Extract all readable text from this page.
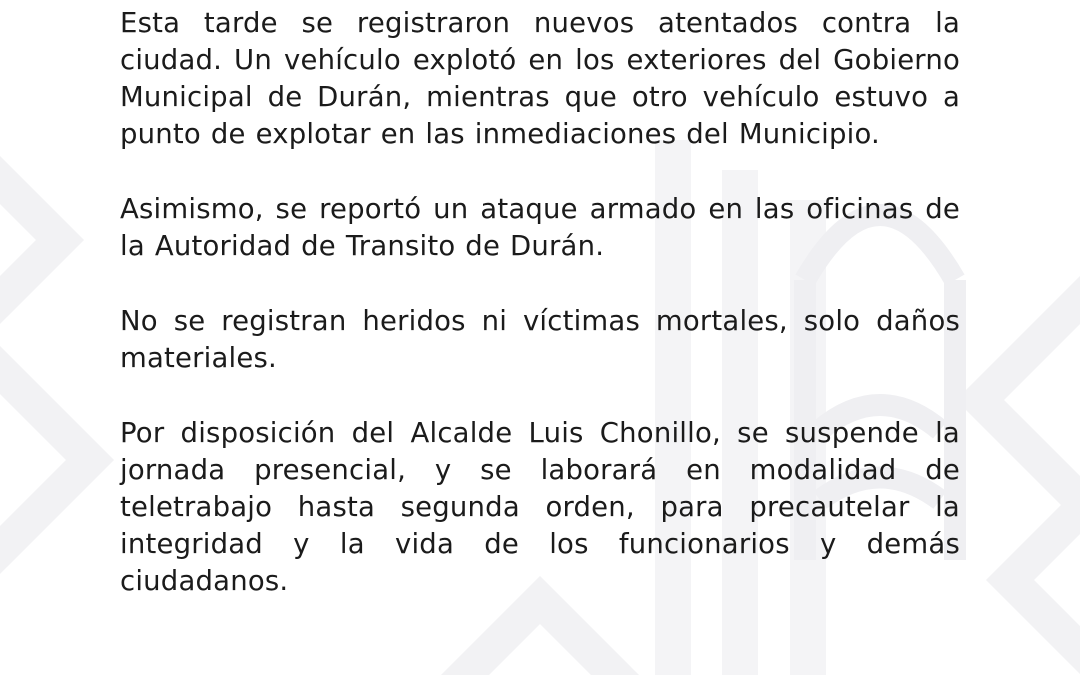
Esta tarde se registraron nuevos atentados contra la ciudad. Un vehículo explotó en los exteriores del Gobierno Municipal de Durán, mientras que otro vehículo estuvo a punto de explotar en las inmediaciones del Municipio.

Asimismo, se reportó un ataque armado en las oficinas de la Autoridad de Transito de Durán.

No se registran heridos ni víctimas mortales, solo daños materiales.

Por disposición del Alcalde Luis Chonillo, se suspende la jornada presencial, y se laborará en modalidad de teletrabajo hasta segunda orden, para precautelar la integridad y la vida de los funcionarios y demás ciudadanos.
